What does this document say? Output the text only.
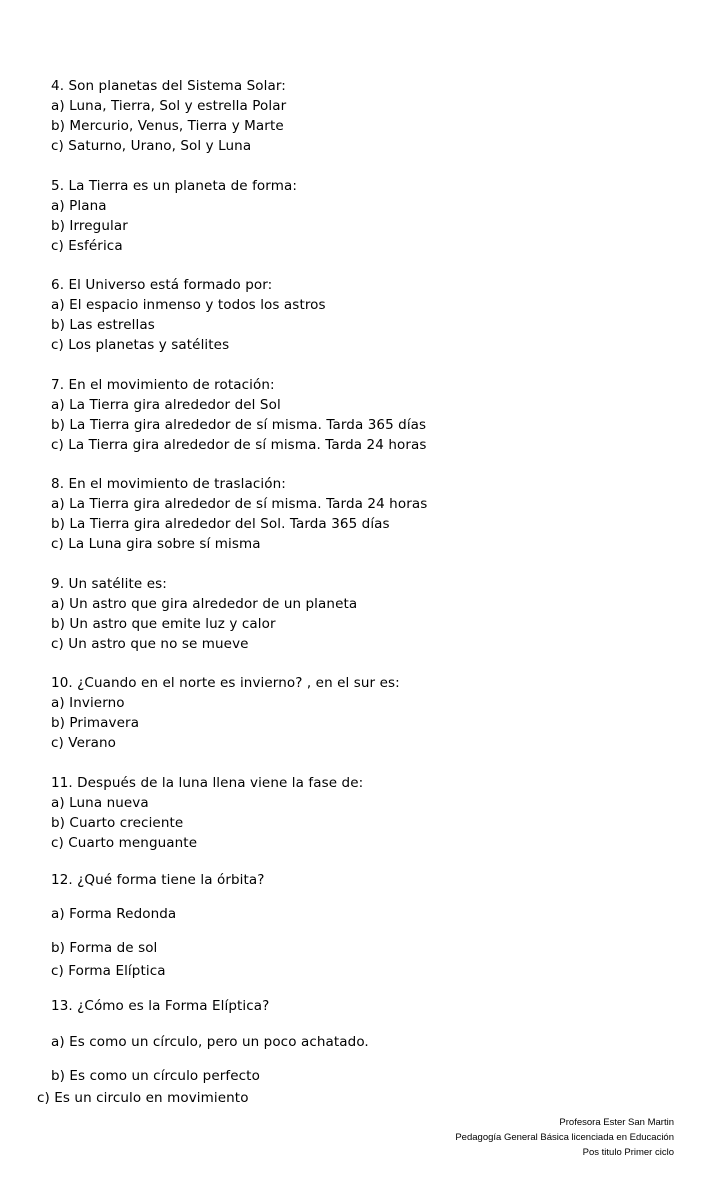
4. Son planetas del Sistema Solar:
a) Luna, Tierra, Sol y estrella Polar
b) Mercurio, Venus, Tierra y Marte
c) Saturno, Urano, Sol y Luna
5. La Tierra es un planeta de forma:
a) Plana
b) Irregular
c) Esférica
6. El Universo está formado por:
a) El espacio inmenso y todos los astros
b) Las estrellas
c) Los planetas y satélites
7. En el movimiento de rotación:
a) La Tierra gira alrededor del Sol
b) La Tierra gira alrededor de sí misma. Tarda 365 días
c) La Tierra gira alrededor de sí misma. Tarda 24 horas
8. En el movimiento de traslación:
a) La Tierra gira alrededor de sí misma. Tarda 24 horas
b) La Tierra gira alrededor del Sol. Tarda 365 días
c) La Luna gira sobre sí misma
9. Un satélite es:
a) Un astro que gira alrededor de un planeta
b) Un astro que emite luz y calor
c) Un astro que no se mueve
10. ¿Cuando en el norte es invierno? , en el sur es:
a) Invierno
b) Primavera
c) Verano
11. Después de la luna llena viene la fase de:
a) Luna nueva
b) Cuarto creciente
c) Cuarto menguante
12. ¿Qué forma tiene la órbita?
a) Forma Redonda
b) Forma de sol
c) Forma Elíptica
13. ¿Cómo es la Forma Elíptica?
a) Es como un círculo, pero un poco achatado.
b) Es como un círculo perfecto
c) Es un circulo en movimiento
Profesora Ester San Martin
Pedagogía General Básica licenciada en Educación
Pos titulo Primer ciclo
